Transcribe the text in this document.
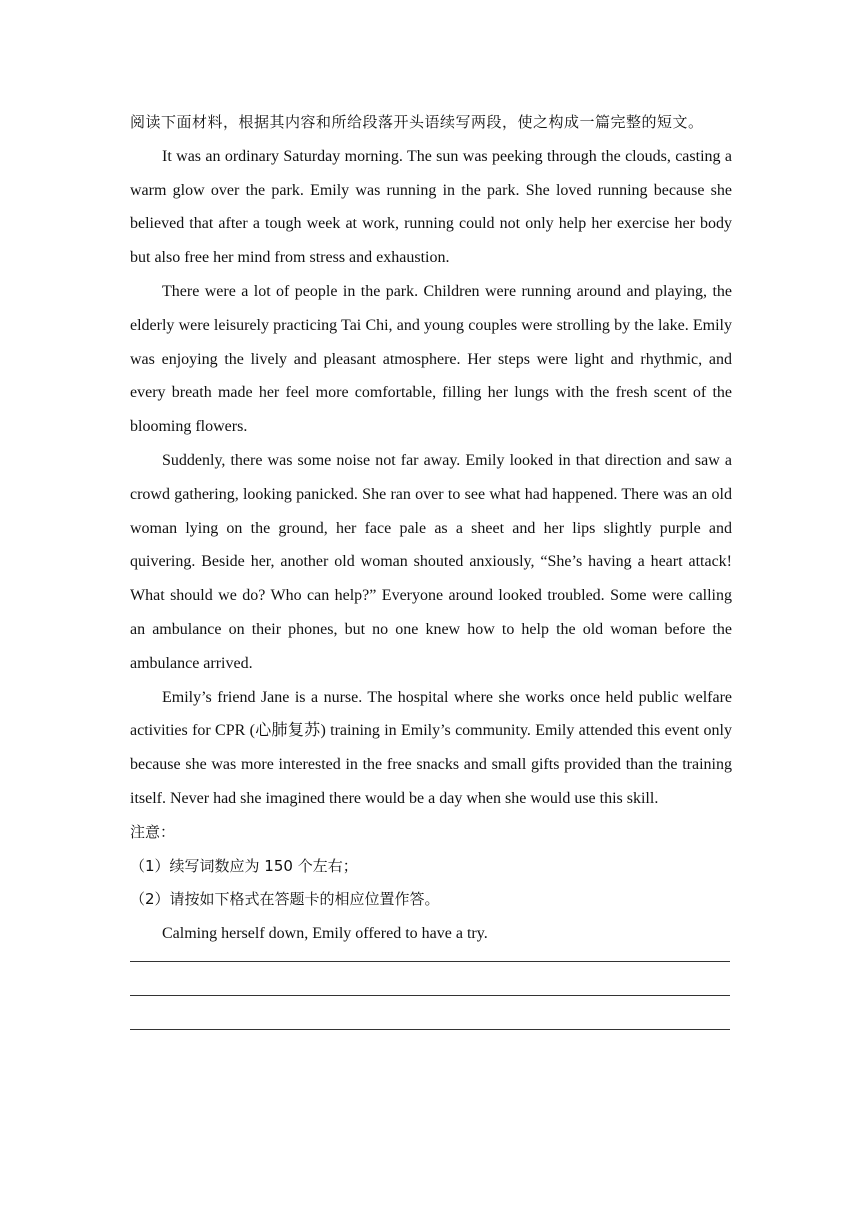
阅读下面材料，根据其内容和所给段落开头语续写两段，使之构成一篇完整的短文。

It was an ordinary Saturday morning. The sun was peeking through the clouds, casting a warm glow over the park. Emily was running in the park. She loved running because she believed that after a tough week at work, running could not only help her exercise her body but also free her mind from stress and exhaustion.

There were a lot of people in the park. Children were running around and playing, the elderly were leisurely practicing Tai Chi, and young couples were strolling by the lake. Emily was enjoying the lively and pleasant atmosphere. Her steps were light and rhythmic, and every breath made her feel more comfortable, filling her lungs with the fresh scent of the blooming flowers.

Suddenly, there was some noise not far away. Emily looked in that direction and saw a crowd gathering, looking panicked. She ran over to see what had happened. There was an old woman lying on the ground, her face pale as a sheet and her lips slightly purple and quivering. Beside her, another old woman shouted anxiously, “She’s having a heart attack! What should we do? Who can help?” Everyone around looked troubled. Some were calling an ambulance on their phones, but no one knew how to help the old woman before the ambulance arrived.

Emily’s friend Jane is a nurse. The hospital where she works once held public welfare activities for CPR (心肺复苏) training in Emily’s community. Emily attended this event only because she was more interested in the free snacks and small gifts provided than the training itself. Never had she imagined there would be a day when she would use this skill.

注意：

（1）续写词数应为 150 个左右；

（2）请按如下格式在答题卡的相应位置作答。

Calming herself down, Emily offered to have a try.
